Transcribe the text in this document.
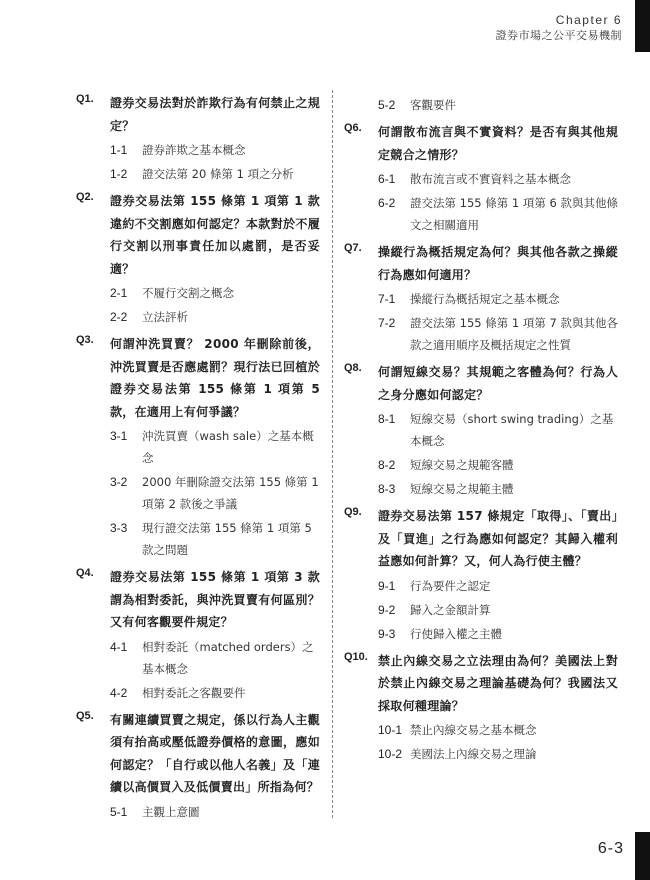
Chapter 6
證券市場之公平交易機制
Q1. 證券交易法對於詐欺行為有何禁止之規定？
1-1 證券詐欺之基本概念
1-2 證交法第 20 條第 1 項之分析
Q2. 證券交易法第 155 條第 1 項第 1 款違約不交割應如何認定？本款對於不履行交割以刑事責任加以處罰，是否妥適？
2-1 不履行交割之概念
2-2 立法評析
Q3. 何謂沖洗買賣？ 2000 年刪除前後，沖洗買賣是否應處罰？現行法已回植於證券交易法第 155 條第 1 項第 5 款，在適用上有何爭議？
3-1 沖洗買賣（wash sale）之基本概念
3-2 2000 年刪除證交法第 155 條第 1 項第 2 款後之爭議
3-3 現行證交法第 155 條第 1 項第 5 款之問題
Q4. 證券交易法第 155 條第 1 項第 3 款謂為相對委託，與沖洗買賣有何區別？又有何客觀要件規定？
4-1 相對委託（matched orders）之基本概念
4-2 相對委託之客觀要件
Q5. 有關連續買賣之規定，係以行為人主觀須有抬高或壓低證券價格的意圖，應如何認定？「自行或以他人名義」及「連續以高價買入及低價賣出」所指為何？
5-1 主觀上意圖
5-2 客觀要件
Q6. 何謂散布流言與不實資料？是否有與其他規定競合之情形？
6-1 散布流言或不實資料之基本概念
6-2 證交法第 155 條第 1 項第 6 款與其他條文之相關適用
Q7. 操縱行為概括規定為何？與其他各款之操縱行為應如何適用？
7-1 操縱行為概括規定之基本概念
7-2 證交法第 155 條第 1 項第 7 款與其他各款之適用順序及概括規定之性質
Q8. 何謂短線交易？其規範之客體為何？行為人之身分應如何認定？
8-1 短線交易（short swing trading）之基本概念
8-2 短線交易之規範客體
8-3 短線交易之規範主體
Q9. 證券交易法第 157 條規定「取得」、「賣出」及「買進」之行為應如何認定？其歸入權利益應如何計算？又，何人為行使主體？
9-1 行為要件之認定
9-2 歸入之金額計算
9-3 行使歸入權之主體
Q10. 禁止內線交易之立法理由為何？美國法上對於禁止內線交易之理論基礎為何？我國法又採取何種理論？
10-1 禁止內線交易之基本概念
10-2 美國法上內線交易之理論
6-3
